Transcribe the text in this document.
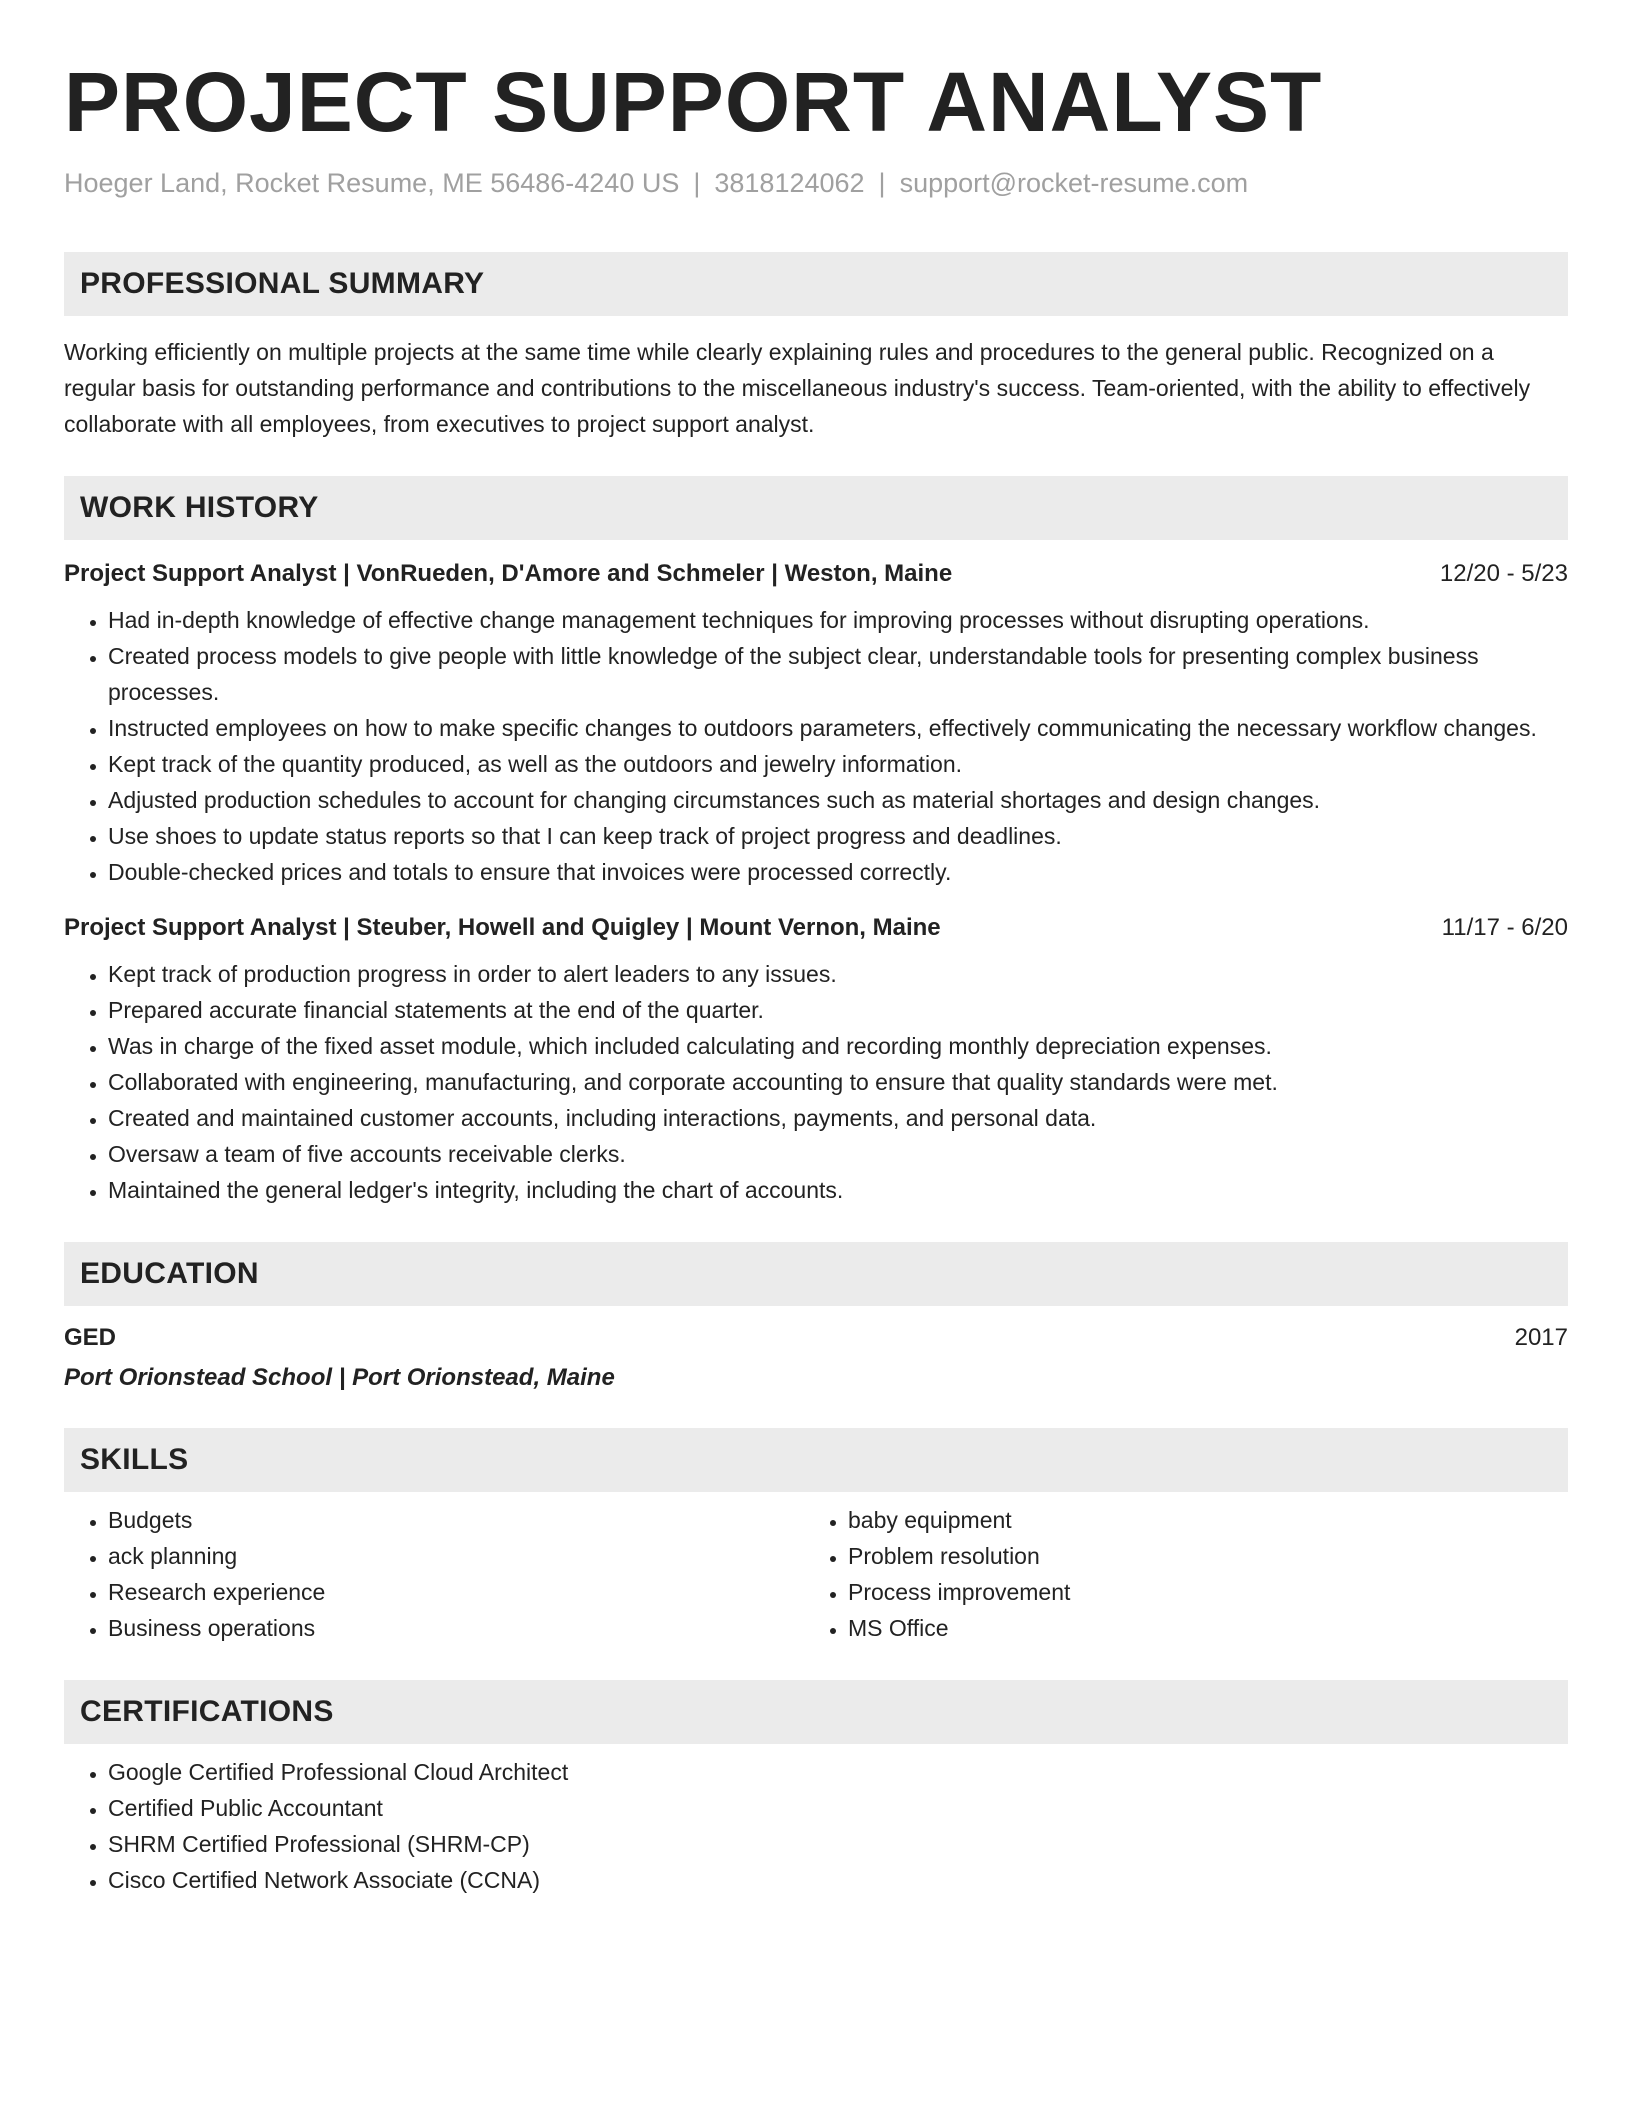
PROJECT SUPPORT ANALYST
Hoeger Land, Rocket Resume, ME 56486-4240 US | 3818124062 | support@rocket-resume.com
PROFESSIONAL SUMMARY
Working efficiently on multiple projects at the same time while clearly explaining rules and procedures to the general public. Recognized on a regular basis for outstanding performance and contributions to the miscellaneous industry's success. Team-oriented, with the ability to effectively collaborate with all employees, from executives to project support analyst.
WORK HISTORY
Project Support Analyst | VonRueden, D'Amore and Schmeler | Weston, Maine	12/20 - 5/23
• Had in-depth knowledge of effective change management techniques for improving processes without disrupting operations.
• Created process models to give people with little knowledge of the subject clear, understandable tools for presenting complex business processes.
• Instructed employees on how to make specific changes to outdoors parameters, effectively communicating the necessary workflow changes.
• Kept track of the quantity produced, as well as the outdoors and jewelry information.
• Adjusted production schedules to account for changing circumstances such as material shortages and design changes.
• Use shoes to update status reports so that I can keep track of project progress and deadlines.
• Double-checked prices and totals to ensure that invoices were processed correctly.
Project Support Analyst | Steuber, Howell and Quigley | Mount Vernon, Maine	11/17 - 6/20
• Kept track of production progress in order to alert leaders to any issues.
• Prepared accurate financial statements at the end of the quarter.
• Was in charge of the fixed asset module, which included calculating and recording monthly depreciation expenses.
• Collaborated with engineering, manufacturing, and corporate accounting to ensure that quality standards were met.
• Created and maintained customer accounts, including interactions, payments, and personal data.
• Oversaw a team of five accounts receivable clerks.
• Maintained the general ledger's integrity, including the chart of accounts.
EDUCATION
GED	2017
Port Orionstead School | Port Orionstead, Maine
SKILLS
• Budgets
• ack planning
• Research experience
• Business operations
• baby equipment
• Problem resolution
• Process improvement
• MS Office
CERTIFICATIONS
• Google Certified Professional Cloud Architect
• Certified Public Accountant
• SHRM Certified Professional (SHRM-CP)
• Cisco Certified Network Associate (CCNA)
